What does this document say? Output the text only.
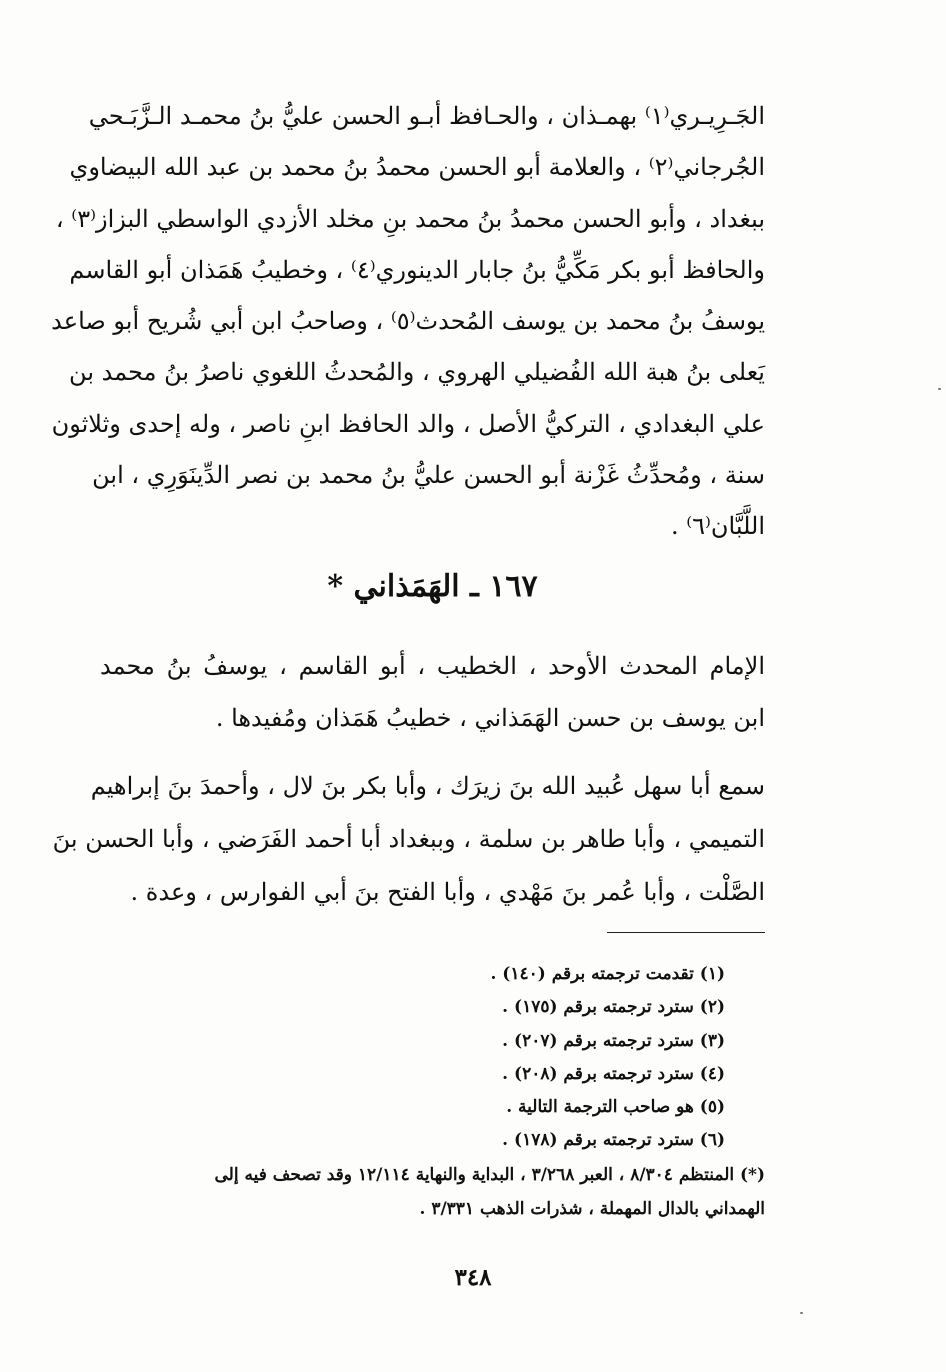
الجَـرِيـري⁽١⁾ بهمـذان ، والحـافظ أبـو الحسن عليُّ بنُ محمـد الـزَّبَـحي
الجُرجاني⁽٢⁾ ، والعلامة أبو الحسن محمدُ بنُ محمد بن عبد الله البيضاوي
ببغداد ، وأبو الحسن محمدُ بنُ محمد بنِ مخلد الأزدي الواسطي البزاز⁽٣⁾ ،
والحافظ أبو بكر مَكِّيُّ بنُ جابار الدينوري⁽٤⁾ ، وخطيبُ هَمَذان أبو القاسم
يوسفُ بنُ محمد بن يوسف المُحدث⁽٥⁾ ، وصاحبُ ابن أبي شُريح أبو صاعد
يَعلى بنُ هبة الله الفُضيلي الهروي ، والمُحدثُ اللغوي ناصرُ بنُ محمد بن
علي البغدادي ، التركيُّ الأصل ، والد الحافظ ابنِ ناصر ، وله إحدى وثلاثون
سنة ، ومُحدِّثُ غَزْنة أبو الحسن عليُّ بنُ محمد بن نصر الدِّينَوَرِي ، ابن
اللَّبَّان⁽٦⁾ .
١٦٧ ـ الهَمَذاني *
الإمام المحدث الأوحد ، الخطيب ، أبو القاسم ، يوسفُ بنُ محمد
ابن يوسف بن حسن الهَمَذاني ، خطيبُ هَمَذان ومُفيدها .
سمع أبا سهل عُبيد الله بنَ زيرَك ، وأبا بكر بنَ لال ، وأحمدَ بنَ إبراهيم
التميمي ، وأبا طاهر بن سلمة ، وببغداد أبا أحمد الفَرَضي ، وأبا الحسن بنَ
الصَّلْت ، وأبا عُمر بنَ مَهْدي ، وأبا الفتح بنَ أبي الفوارس ، وعدة .
(١) تقدمت ترجمته برقم (١٤٠) .
(٢) سترد ترجمته برقم (١٧٥) .
(٣) سترد ترجمته برقم (٢٠٧) .
(٤) سترد ترجمته برقم (٢٠٨) .
(٥) هو صاحب الترجمة التالية .
(٦) سترد ترجمته برقم (١٧٨) .
(*) المنتظم ٨/٣٠٤ ، العبر ٣/٢٦٨ ، البداية والنهاية ١٢/١١٤ وقد تصحف فيه إلى
الهمداني بالدال المهملة ، شذرات الذهب ٣/٣٣١ .
٣٤٨
